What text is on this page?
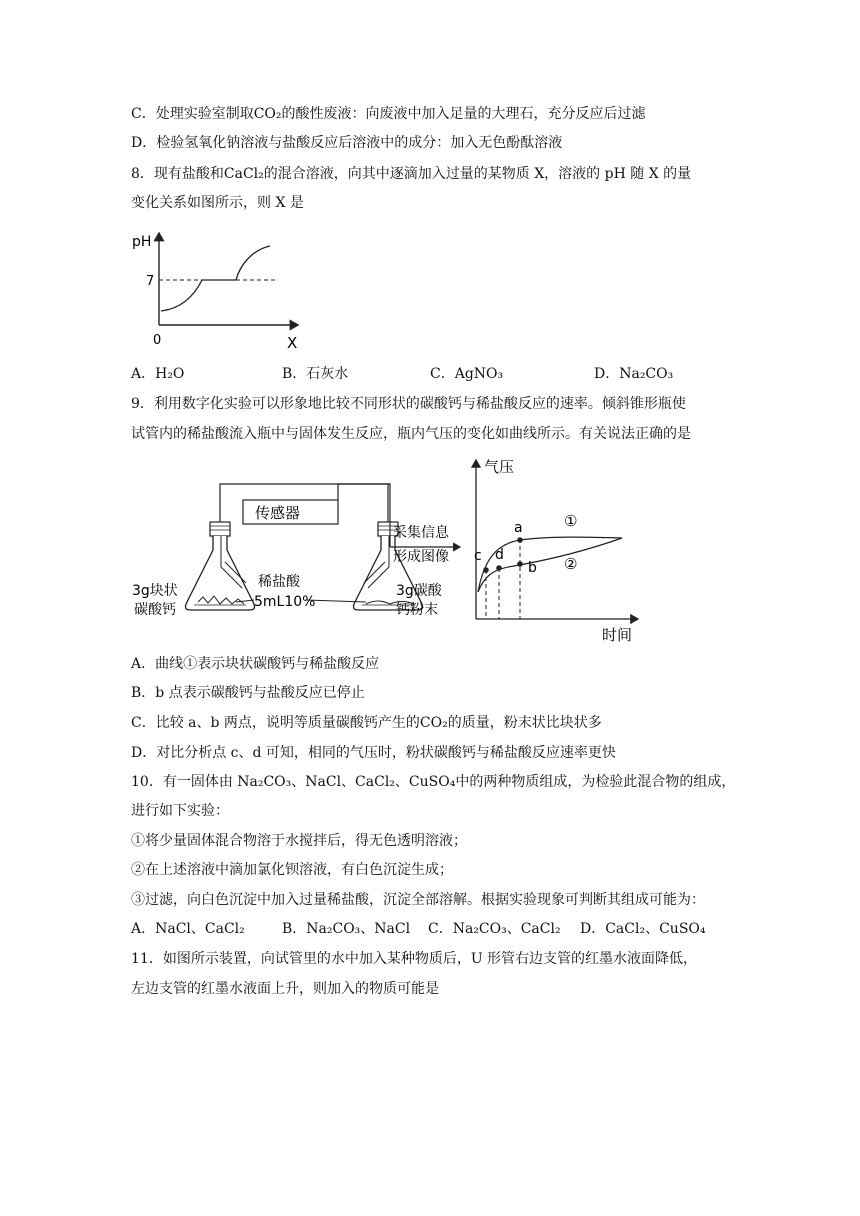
C．处理实验室制取CO₂的酸性废液：向废液中加入足量的大理石，充分反应后过滤
D．检验氢氧化钠溶液与盐酸反应后溶液中的成分：加入无色酚酞溶液
8．现有盐酸和CaCl₂的混合溶液，向其中逐滴加入过量的某物质 X，溶液的 pH 随 X 的量
变化关系如图所示，则 X 是
pH
7
0	X
A．H₂O	B．石灰水	C．AgNO₃	D．Na₂CO₃
9．利用数字化实验可以形象地比较不同形状的碳酸钙与稀盐酸反应的速率。倾斜锥形瓶使
试管内的稀盐酸流入瓶中与固体发生反应，瓶内气压的变化如曲线所示。有关说法正确的是
传感器
3g块状
碳酸钙
稀盐酸
5mL10%
3g碳酸
钙粉末
采集信息
形成图像
气压
时间
a
b
c d
①
②
A．曲线①表示块状碳酸钙与稀盐酸反应
B．b 点表示碳酸钙与盐酸反应已停止
C．比较 a、b 两点，说明等质量碳酸钙产生的CO₂的质量，粉末状比块状多
D．对比分析点 c、d 可知，相同的气压时，粉状碳酸钙与稀盐酸反应速率更快
10．有一固体由 Na₂CO₃、NaCl、CaCl₂、CuSO₄中的两种物质组成，为检验此混合物的组成，
进行如下实验：
①将少量固体混合物溶于水搅拌后，得无色透明溶液；
②在上述溶液中滴加氯化钡溶液，有白色沉淀生成；
③过滤，向白色沉淀中加入过量稀盐酸，沉淀全部溶解。根据实验现象可判断其组成可能为：
A．NaCl、CaCl₂	B．Na₂CO₃、NaCl C．Na₂CO₃、CaCl₂ D．CaCl₂、CuSO₄
11．如图所示装置，向试管里的水中加入某种物质后，U 形管右边支管的红墨水液面降低，
左边支管的红墨水液面上升，则加入的物质可能是
